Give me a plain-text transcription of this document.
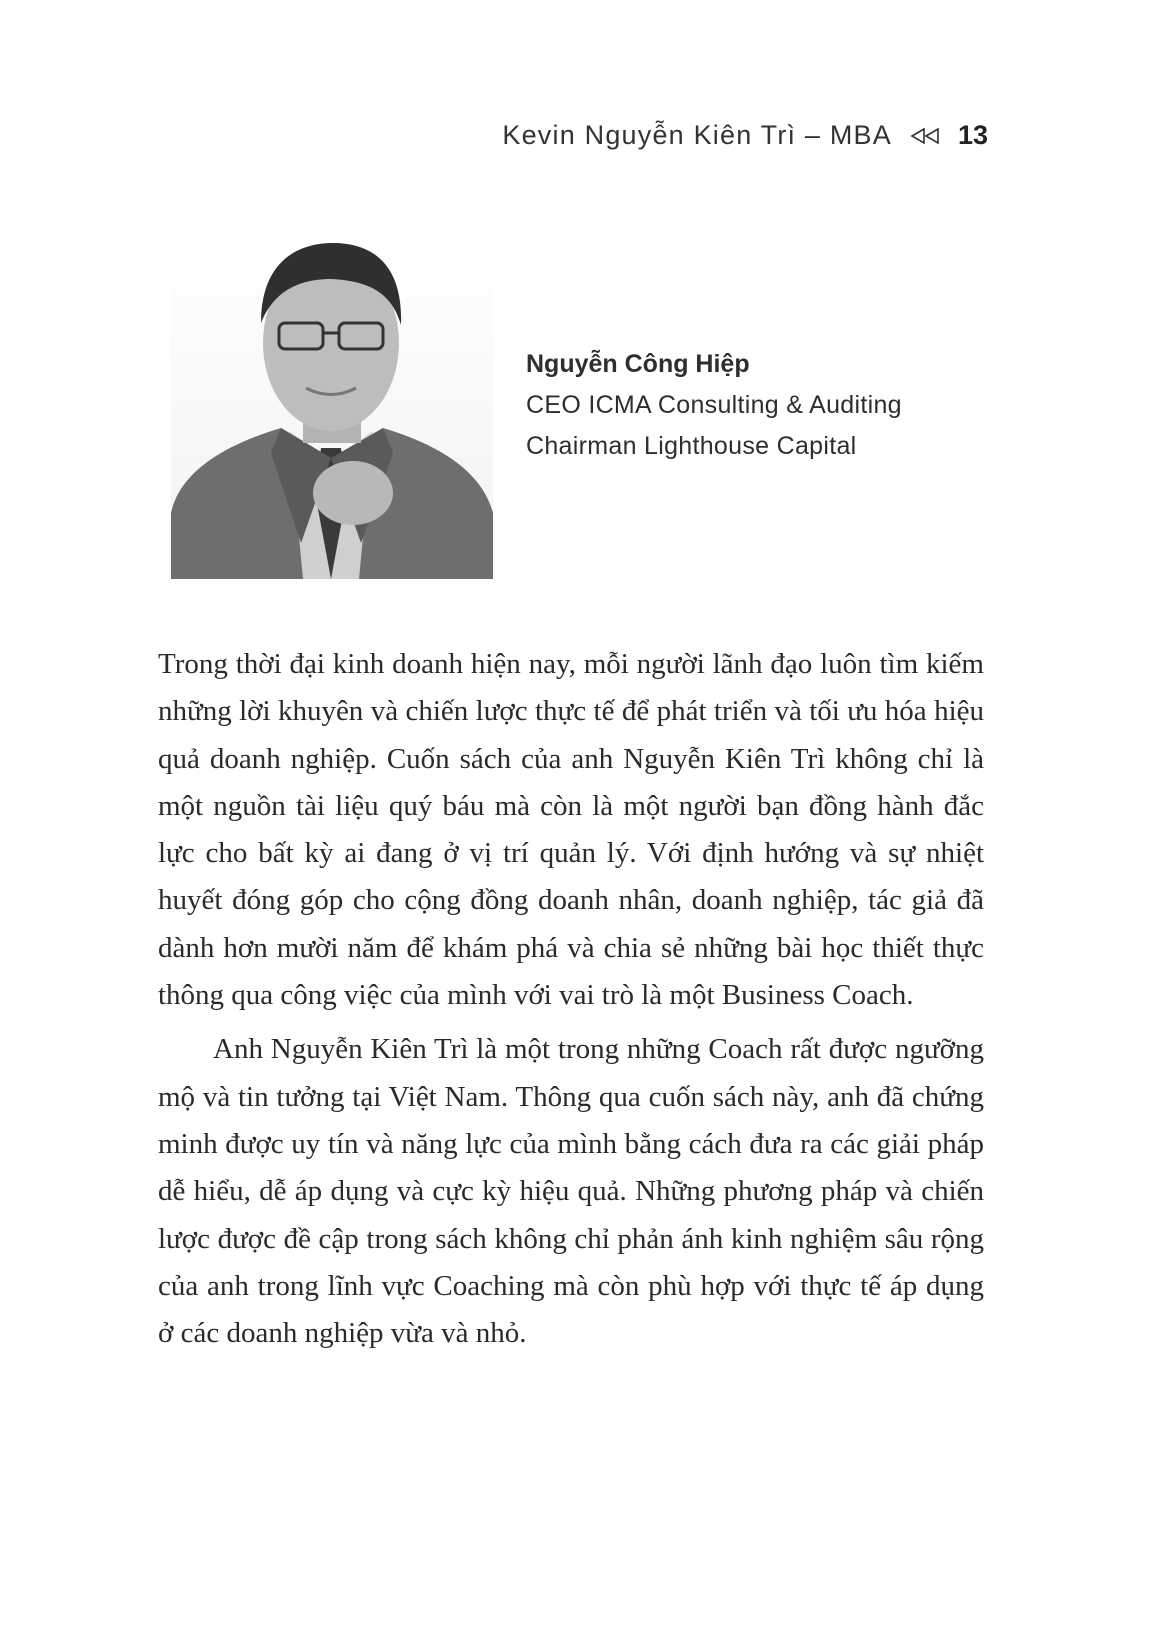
Kevin Nguyễn Kiên Trì – MBA 13
Nguyễn Công Hiệp
CEO ICMA Consulting & Auditing
Chairman Lighthouse Capital

Trong thời đại kinh doanh hiện nay, mỗi người lãnh đạo luôn tìm kiếm những lời khuyên và chiến lược thực tế để phát triển và tối ưu hóa hiệu quả doanh nghiệp. Cuốn sách của anh Nguyễn Kiên Trì không chỉ là một nguồn tài liệu quý báu mà còn là một người bạn đồng hành đắc lực cho bất kỳ ai đang ở vị trí quản lý. Với định hướng và sự nhiệt huyết đóng góp cho cộng đồng doanh nhân, doanh nghiệp, tác giả đã dành hơn mười năm để khám phá và chia sẻ những bài học thiết thực thông qua công việc của mình với vai trò là một Business Coach.

Anh Nguyễn Kiên Trì là một trong những Coach rất được ngưỡng mộ và tin tưởng tại Việt Nam. Thông qua cuốn sách này, anh đã chứng minh được uy tín và năng lực của mình bằng cách đưa ra các giải pháp dễ hiểu, dễ áp dụng và cực kỳ hiệu quả. Những phương pháp và chiến lược được đề cập trong sách không chỉ phản ánh kinh nghiệm sâu rộng của anh trong lĩnh vực Coaching mà còn phù hợp với thực tế áp dụng ở các doanh nghiệp vừa và nhỏ.
